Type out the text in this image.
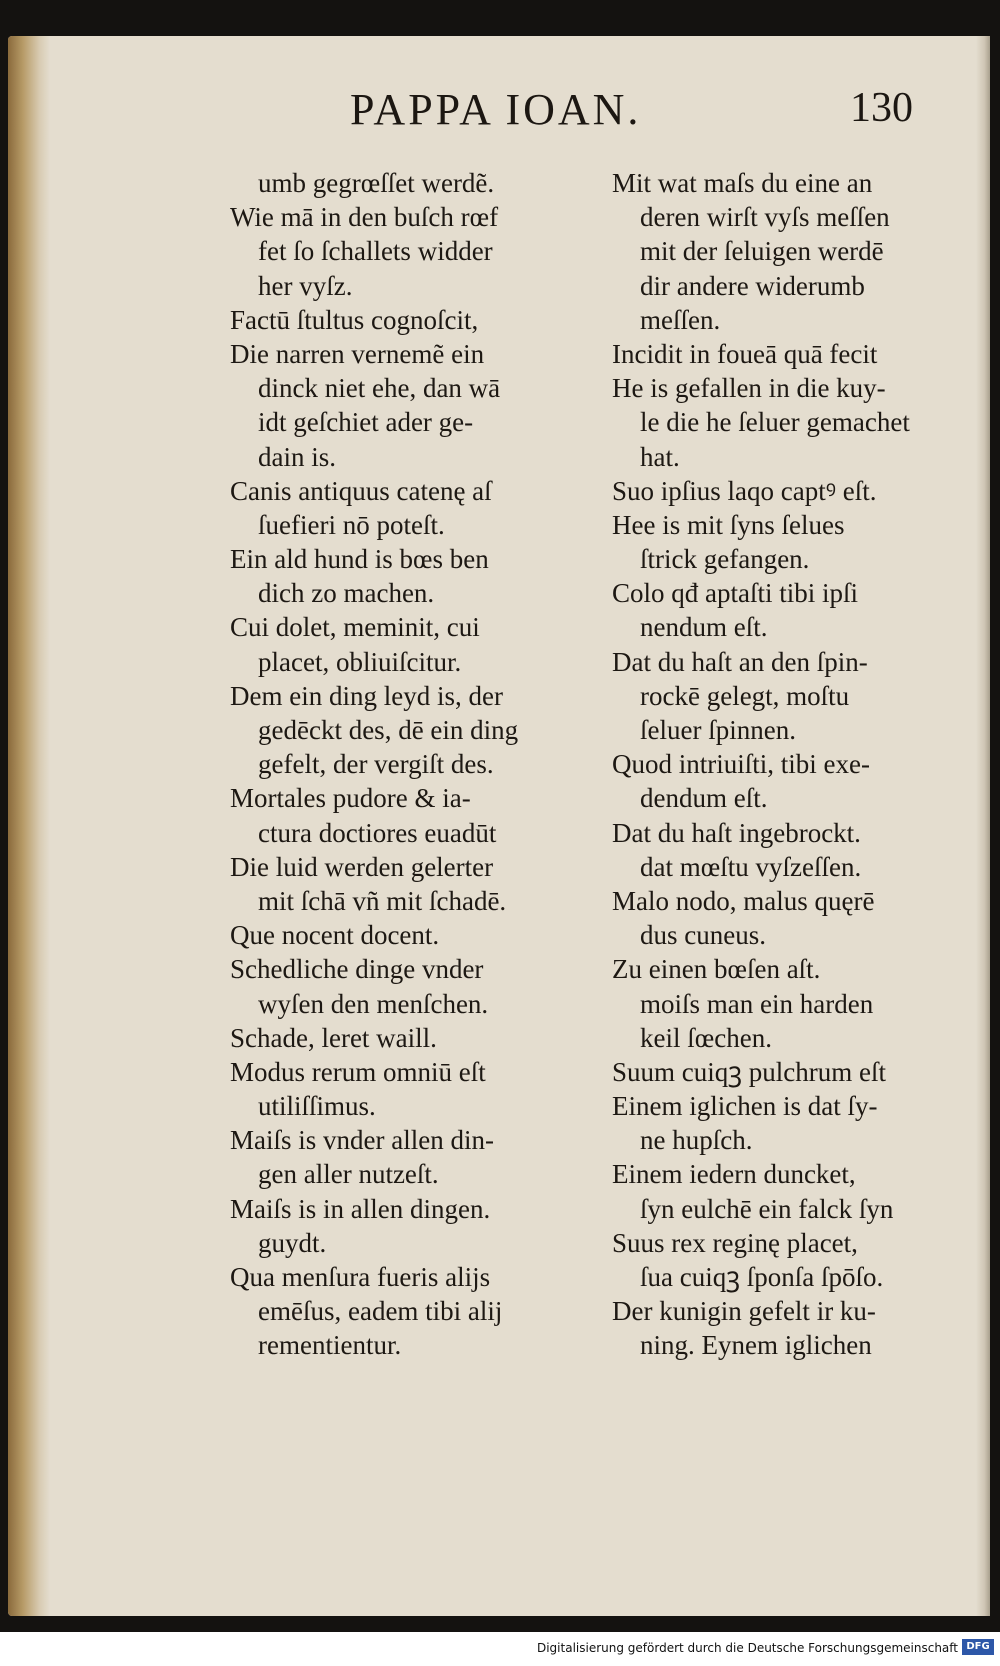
PAPPA IOAN.	130
umb gegrœſſet werdẽ.
Wie mā in den buſch rœf
fet ſo ſchallets widder
her vyſz.
Factū ſtultus cognoſcit,
Die narren vernemẽ ein
dinck niet ehe, dan wā
idt geſchiet ader ge-
dain is.
Canis antiquus catenę aſ
ſuefieri nō poteſt.
Ein ald hund is bœs ben
dich zo machen.
Cui dolet, meminit, cui
placet, obliuiſcitur.
Dem ein ding leyd is, der
gedēckt des, dē ein ding
gefelt, der vergiſt des.
Mortales pudore & ia-
ctura doctiores euadūt
Die luid werden gelerter
mit ſchā vñ mit ſchadē.
Que nocent docent.
Schedliche dinge vnder
wyſen den menſchen.
Schade, leret waill.
Modus rerum omniū eſt
utiliſſimus.
Maiſs is vnder allen din-
gen aller nutzeſt.
Maiſs is in allen dingen.
guydt.
Qua menſura fueris alijs
emēſus, eadem tibi alij
rementientur.
Mit wat maſs du eine an
deren wirſt vyſs meſſen
mit der ſeluigen werdē
dir andere widerumb
meſſen.
Incidit in foueā quā fecit
He is gefallen in die kuy-
le die he ſeluer gemachet
hat.
Suo ipſius laqo captꝰ eſt.
Hee is mit ſyns ſelues
ſtrick gefangen.
Colo qđ aptaſti tibi ipſi
nendum eſt.
Dat du haſt an den ſpin-
rockē gelegt, moſtu
ſeluer ſpinnen.
Quod intriuiſti, tibi exe-
dendum eſt.
Dat du haſt ingebrockt.
dat mœſtu vyſzeſſen.
Malo nodo, malus quęrē
dus cuneus.
Zu einen bœſen aſt.
moiſs man ein harden
keil ſœchen.
Suum cuiqꝫ pulchrum eſt
Einem iglichen is dat ſy-
ne hupſch.
Einem iedern duncket,
ſyn eulchē ein falck ſyn
Suus rex reginę placet,
ſua cuiqꝫ ſponſa ſpōſo.
Der kunigin gefelt ir ku-
ning. Eynem iglichen
Digitalisierung gefördert durch die Deutsche Forschungsgemeinschaft DFG
